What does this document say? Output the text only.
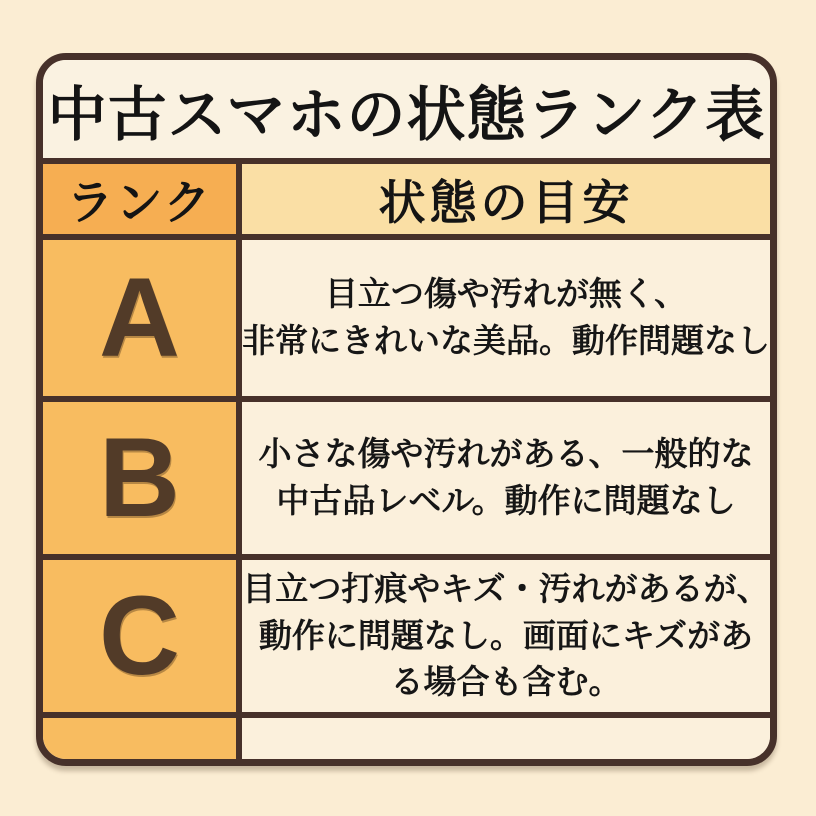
中古スマホの状態ランク表
ランク	状態の目安
A	目立つ傷や汚れが無く、
非常にきれいな美品。動作問題なし
B	小さな傷や汚れがある、一般的な
中古品レベル。動作に問題なし
C	目立つ打痕やキズ・汚れがあるが、
動作に問題なし。画面にキズがあ
る場合も含む。
